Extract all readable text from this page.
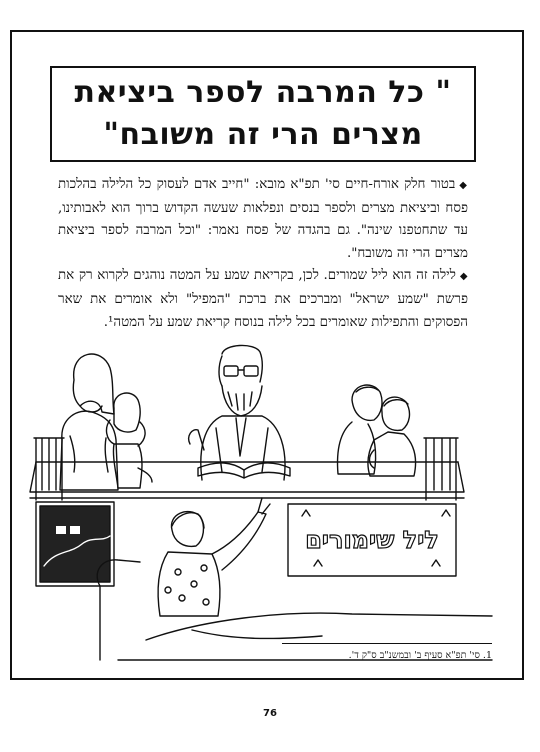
" כל המרבה לספר ביציאת
מצרים הרי זה משובח"

◆בטור חלק אורח-חיים סי' תפ"א מובא: "חייב אדם לעסוק כל הלילה בהלכות פסח וביציאת מצרים ולספר בנסים ונפלאות שעשה הקדוש ברוך הוא לאבותינו, עד שתחטפנו שינה". גם בהגדה של פסח נאמר: "וכל המרבה לספר ביציאת מצרים הרי זה משובח".

◆לילה זה הוא ליל שמורים. לכן, בקריאת שמע על המטה נוהגים לקרוא רק את פרשת "שמע ישראל" ומברכים את ברכת "המפיל" ולא אומרים את שאר הפסוקים והתפילות שאומרים בכל לילה בנוסח קריאת שמע על המטה¹.

ליל שימורים
1. סי' תפ"א סעיף ב' ובמשנ"ב ס"ק ד'.
76
